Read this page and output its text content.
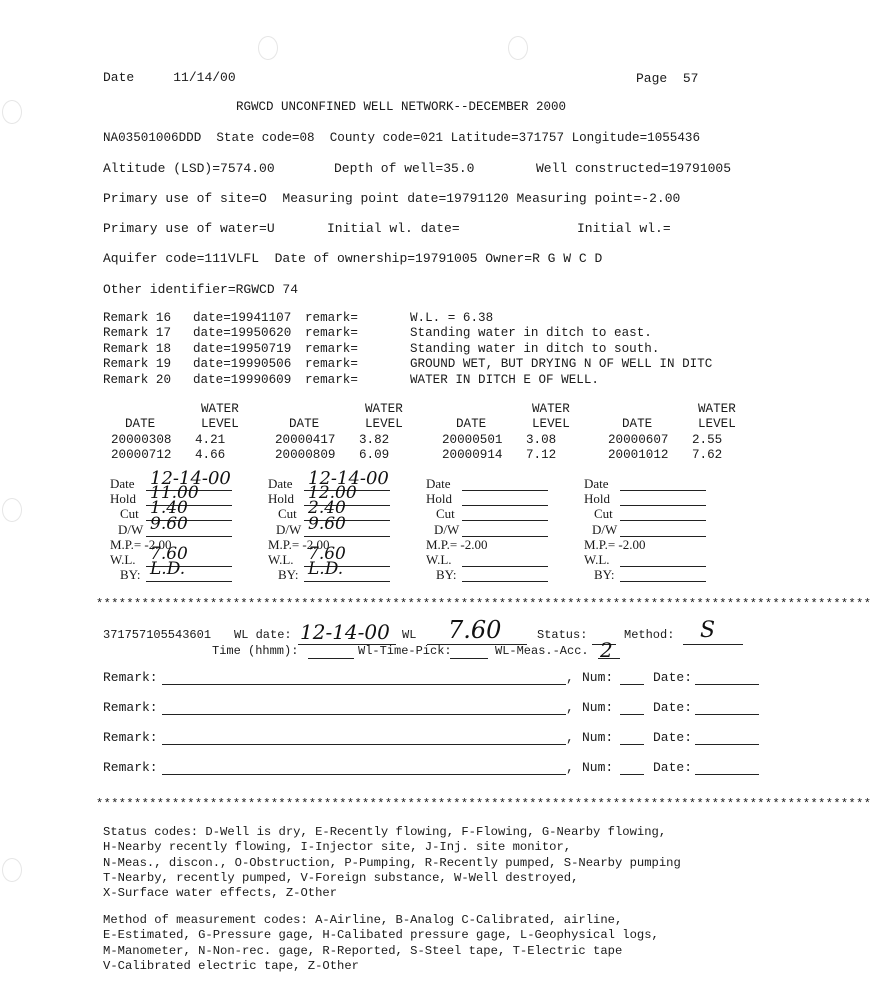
Date	11/14/00	Page 57
RGWCD UNCONFINED WELL NETWORK--DECEMBER 2000
NA03501006DDD  State code=08  County code=021 Latitude=371757 Longitude=1055436
Altitude (LSD)=7574.00	Depth of well=35.0	Well constructed=19791005
Primary use of site=O  Measuring point date=19791120 Measuring point=-2.00
Primary use of water=U	Initial wl. date=	Initial wl.=
Aquifer code=111VLFL  Date of ownership=19791005 Owner=R G W C D
Other identifier=RGWCD 74
Remark 16 date=19941107 remark=	W.L. = 6.38
Remark 17 date=19950620 remark=	Standing water in ditch to east.
Remark 18 date=19950719 remark=	Standing water in ditch to south.
Remark 19 date=19990506 remark=	GROUND WET, BUT DRYING N OF WELL IN DITC
Remark 20 date=19990609 remark=	WATER IN DITCH E OF WELL.
WATER
DATE	LEVEL
20000308 4.21
20000712 4.66
WATER
DATE	LEVEL
20000417 3.82
20000809 6.09
WATER
DATE	LEVEL
20000501 3.08
20000914 7.12
WATER
DATE	LEVEL
20000607 2.55
20001012 7.62
Date 12-14-00
Hold 11.00
Cut 1.40
D/W 9.60
M.P.= -2.00
W.L. 7.60
BY: L.D.
Date 12-14-00
Hold 12.00
Cut 2.40
D/W 9.60
M.P.= -2.00
W.L. 7.60
BY: L.D.
Date
Hold
Cut
D/W
M.P.= -2.00
W.L.
BY:
Date
Hold
Cut
D/W
M.P.= -2.00
W.L.
BY:
******************************************************************************************************
371757105543601 WL date: 12-14-00 WL 7.60	Status:	Method: S
Time (hhmm):	Wl-Time-Pick:	WL-Meas.-Acc. 2
Remark:	, Num:	Date:
Remark:	, Num:	Date:
Remark:	, Num:	Date:
Remark:	, Num:	Date:
******************************************************************************************************
Status codes: D-Well is dry, E-Recently flowing, F-Flowing, G-Nearby flowing,
H-Nearby recently flowing, I-Injector site, J-Inj. site monitor,
N-Meas., discon., O-Obstruction, P-Pumping, R-Recently pumped, S-Nearby pumping
T-Nearby, recently pumped, V-Foreign substance, W-Well destroyed,
X-Surface water effects, Z-Other
Method of measurement codes: A-Airline, B-Analog C-Calibrated, airline,
E-Estimated, G-Pressure gage, H-Calibated pressure gage, L-Geophysical logs,
M-Manometer, N-Non-rec. gage, R-Reported, S-Steel tape, T-Electric tape
V-Calibrated electric tape, Z-Other
